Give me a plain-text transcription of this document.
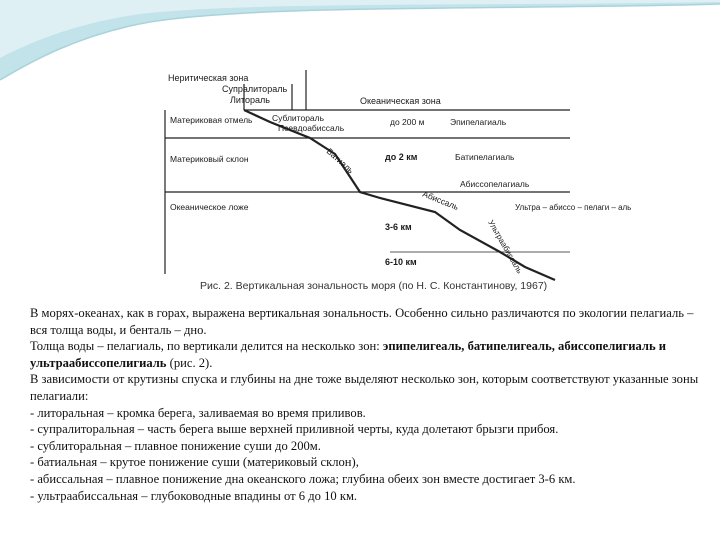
Неритическая зона
Супралитораль
Литораль	Океаническая зона
Материковая отмель Сублитораль
Псевдоабиссаль
до 200 м	Эпипелагиаль
Материковый склон	Батиаль	до 2 км	Батипелагиаль
Абиссопелагиаль
Океаническое ложе	Абиссаль
3-6 км
Ультра – абиссо – пелаги – аль
Ультраабиссаль
6-10 км
Рис. 2. Вертикальная зональность моря (по Н. С. Константинову, 1967)

В морях-океанах, как в горах, выражена вертикальная зональность. Особенно сильно различаются по экологии пелагиаль – вся толща воды, и бенталь – дно.

Толща воды – пелагиаль, по вертикали делится на несколько зон: эпипелигеаль, батипелигеаль, абиссопелигиаль и ультраабиссопелигиаль (рис. 2).

В зависимости от крутизны спуска и глубины на дне тоже выделяют несколько зон, которым соответствуют указанные зоны пелагиали:

- литоральная – кромка берега, заливаемая во время приливов.

- супралиторальная – часть берега выше верхней приливной черты, куда долетают брызги прибоя.

- сублиторальная – плавное понижение суши до 200м.

- батиальная – крутое понижение суши (материковый склон),

- абиссальная – плавное понижение дна океанского ложа; глубина обеих зон вместе достигает 3-6 км.

- ультраабиссальная – глубоководные впадины от 6 до 10 км.
